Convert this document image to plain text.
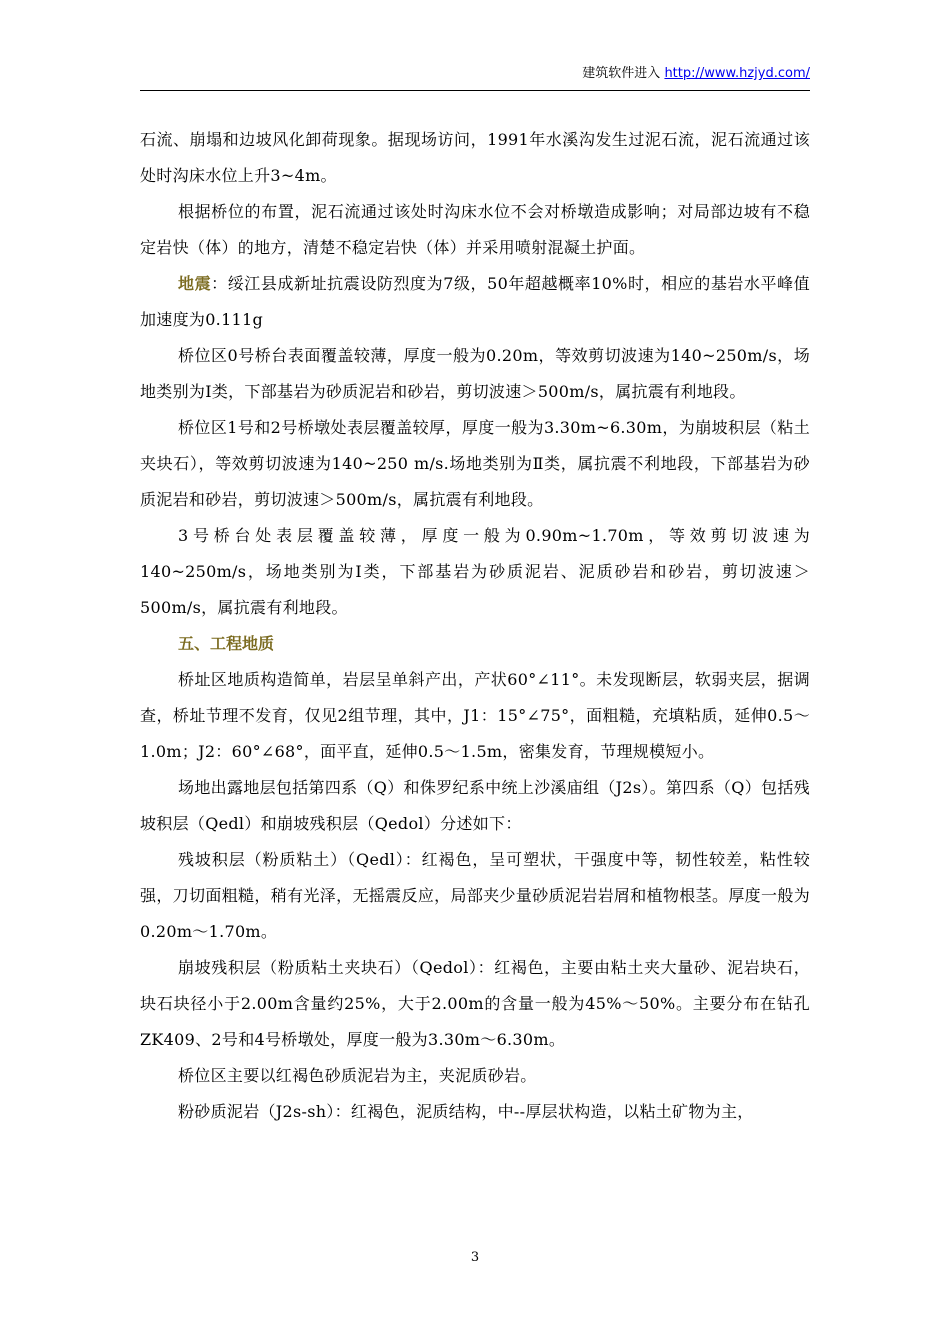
建筑软件进入 http://www.hzjyd.com/

石流、崩塌和边坡风化卸荷现象。据现场访问，1991年水溪沟发生过泥石流，泥石流通过该处时沟床水位上升3~4m。

根据桥位的布置，泥石流通过该处时沟床水位不会对桥墩造成影响；对局部边坡有不稳定岩快（体）的地方，清楚不稳定岩快（体）并采用喷射混凝土护面。

地震：绥江县成新址抗震设防烈度为7级，50年超越概率10%时，相应的基岩水平峰值加速度为0.111g

桥位区0号桥台表面覆盖较薄，厚度一般为0.20m，等效剪切波速为140~250m/s，场地类别为Ⅰ类，下部基岩为砂质泥岩和砂岩，剪切波速＞500m/s，属抗震有利地段。

桥位区1号和2号桥墩处表层覆盖较厚，厚度一般为3.30m~6.30m，为崩坡积层（粘土夹块石），等效剪切波速为140~250 m/s.场地类别为Ⅱ类，属抗震不利地段，下部基岩为砂质泥岩和砂岩，剪切波速＞500m/s，属抗震有利地段。

3号桥台处表层覆盖较薄，厚度一般为0.90m~1.70m，等效剪切波速为140~250m/s，场地类别为Ⅰ类，下部基岩为砂质泥岩、泥质砂岩和砂岩，剪切波速＞500m/s，属抗震有利地段。

五、工程地质

桥址区地质构造简单，岩层呈单斜产出，产状60°∠11°。未发现断层，软弱夹层，据调查，桥址节理不发育，仅见2组节理，其中，J1：15°∠75°，面粗糙，充填粘质，延伸0.5～1.0m；J2：60°∠68°，面平直，延伸0.5～1.5m，密集发育，节理规模短小。

场地出露地层包括第四系（Q）和侏罗纪系中统上沙溪庙组（J2s）。第四系（Q）包括残坡积层（Qedl）和崩坡残积层（Qedol）分述如下：

残坡积层（粉质粘土）（Qedl）：红褐色，呈可塑状，干强度中等，韧性较差，粘性较强，刀切面粗糙，稍有光泽，无摇震反应，局部夹少量砂质泥岩岩屑和植物根茎。厚度一般为0.20m～1.70m。

崩坡残积层（粉质粘土夹块石）（Qedol）：红褐色，主要由粘土夹大量砂、泥岩块石，块石块径小于2.00m含量约25%，大于2.00m的含量一般为45%～50%。主要分布在钻孔ZK409、2号和4号桥墩处，厚度一般为3.30m～6.30m。

桥位区主要以红褐色砂质泥岩为主，夹泥质砂岩。

粉砂质泥岩（J2s-sh）：红褐色，泥质结构，中--厚层状构造，以粘土矿物为主，

3
